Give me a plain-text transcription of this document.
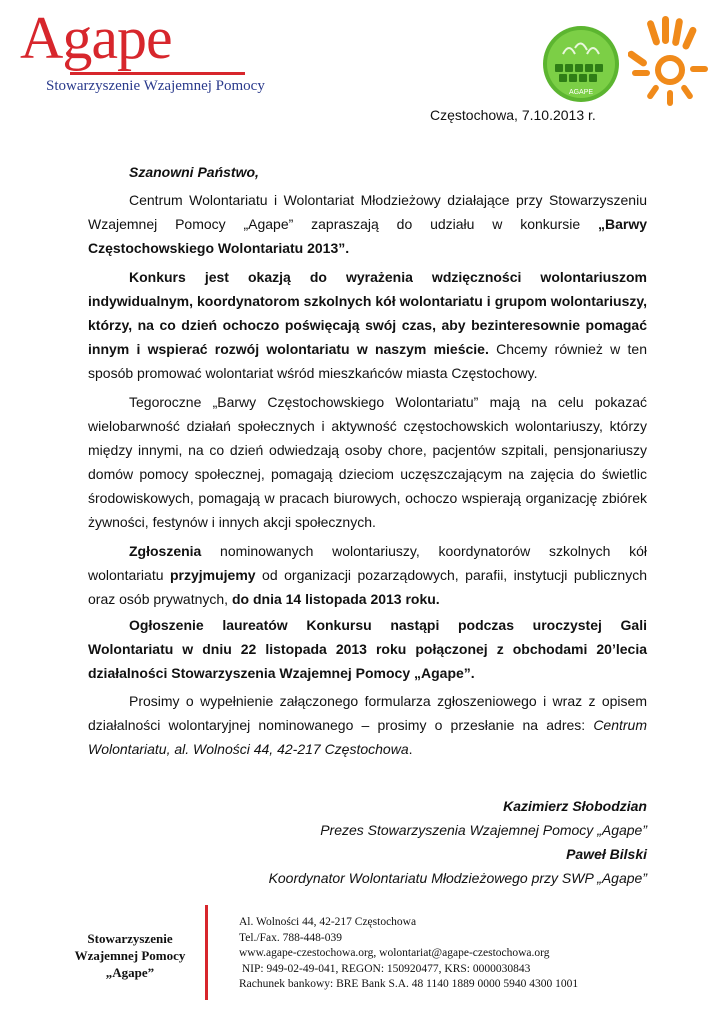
Agape
Stowarzyszenie Wzajemnej Pomocy	AGAPE
Częstochowa, 7.10.2013 r.
Szanowni Państwo,

Centrum Wolontariatu i Wolontariat Młodzieżowy działające przy Stowarzyszeniu Wzajemnej Pomocy „Agape” zapraszają do udziału w konkursie „Barwy Częstochowskiego Wolontariatu 2013”.

Konkurs jest okazją do wyrażenia wdzięczności wolontariuszom indywidualnym, koordynatorom szkolnych kół wolontariatu i grupom wolontariuszy, którzy, na co dzień ochoczo poświęcają swój czas, aby bezinteresownie pomagać innym i wspierać rozwój wolontariatu w naszym mieście. Chcemy również w ten sposób promować wolontariat wśród mieszkańców miasta Częstochowy.

Tegoroczne „Barwy Częstochowskiego Wolontariatu” mają na celu pokazać wielobarwność działań społecznych i aktywność częstochowskich wolontariuszy, którzy między innymi, na co dzień odwiedzają osoby chore, pacjentów szpitali, pensjonariuszy domów pomocy społecznej, pomagają dzieciom uczęszczającym na zajęcia do świetlic środowiskowych, pomagają w pracach biurowych, ochoczo wspierają organizację zbiórek żywności, festynów i innych akcji społecznych.

Zgłoszenia nominowanych wolontariuszy, koordynatorów szkolnych kół wolontariatu przyjmujemy od organizacji pozarządowych, parafii, instytucji publicznych oraz osób prywatnych, do dnia 14 listopada 2013 roku.

Ogłoszenie laureatów Konkursu nastąpi podczas uroczystej Gali Wolontariatu w dniu 22 listopada 2013 roku połączonej z obchodami 20’lecia działalności Stowarzyszenia Wzajemnej Pomocy „Agape”.

Prosimy o wypełnienie załączonego formularza zgłoszeniowego i wraz z opisem działalności wolontaryjnej nominowanego – prosimy o przesłanie na adres: Centrum Wolontariatu, al. Wolności 44, 42-217 Częstochowa.

Kazimierz Słobodzian
Prezes Stowarzyszenia Wzajemnej Pomocy „Agape”
Paweł Bilski
Koordynator Wolontariatu Młodzieżowego przy SWP „Agape”
Stowarzyszenie
Wzajemnej Pomocy
„Agape”
Al. Wolności 44, 42-217 Częstochowa
Tel./Fax. 788-448-039
www.agape-czestochowa.org, wolontariat@agape-czestochowa.org
NIP: 949-02-49-041, REGON: 150920477, KRS: 0000030843
Rachunek bankowy: BRE Bank S.A. 48 1140 1889 0000 5940 4300 1001
